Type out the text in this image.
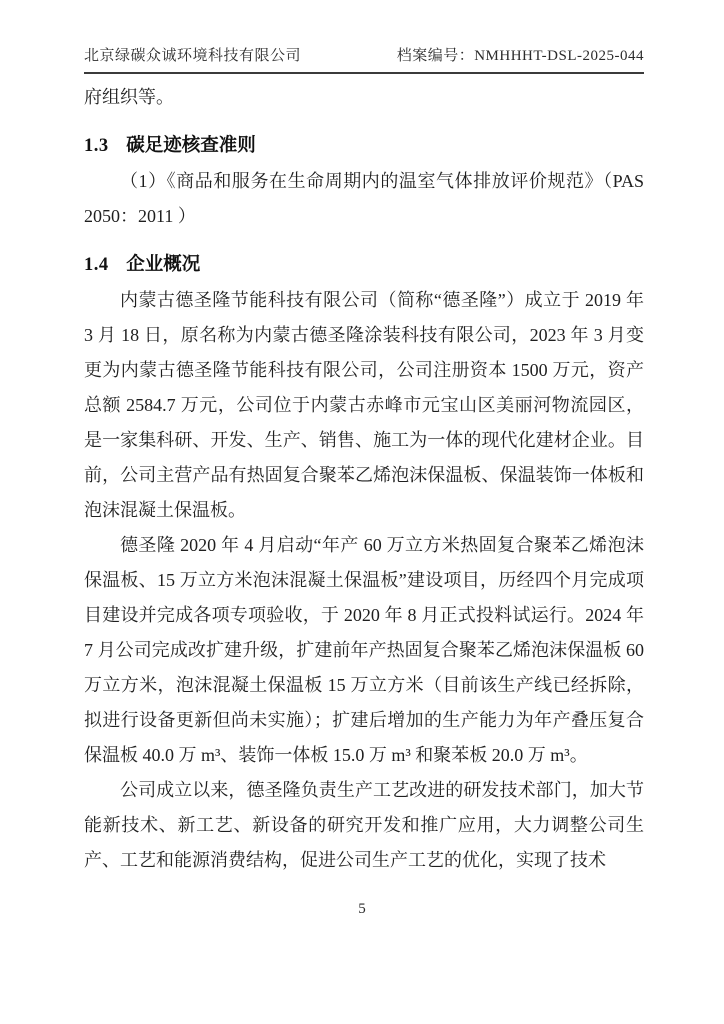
北京绿碳众诚环境科技有限公司	档案编号：NMHHHT-DSL-2025-044

府组织等。

1.3 碳足迹核查准则

（1）《商品和服务在生命周期内的温室气体排放评价规范》（PAS 2050：2011 ）

1.4 企业概况

内蒙古德圣隆节能科技有限公司（简称“德圣隆”）成立于 2019 年 3 月 18 日，原名称为内蒙古德圣隆涂装科技有限公司，2023 年 3 月变更为内蒙古德圣隆节能科技有限公司，公司注册资本 1500 万元，资产总额 2584.7 万元，公司位于内蒙古赤峰市元宝山区美丽河物流园区，是一家集科研、开发、生产、销售、施工为一体的现代化建材企业。目前，公司主营产品有热固复合聚苯乙烯泡沫保温板、保温装饰一体板和泡沫混凝土保温板。

德圣隆 2020 年 4 月启动“年产 60 万立方米热固复合聚苯乙烯泡沫保温板、15 万立方米泡沫混凝土保温板”建设项目，历经四个月完成项目建设并完成各项专项验收，于 2020 年 8 月正式投料试运行。2024 年 7 月公司完成改扩建升级，扩建前年产热固复合聚苯乙烯泡沫保温板 60 万立方米，泡沫混凝土保温板 15 万立方米（目前该生产线已经拆除，拟进行设备更新但尚未实施）；扩建后增加的生产能力为年产叠压复合保温板 40.0 万 m³、装饰一体板 15.0 万 m³ 和聚苯板 20.0 万 m³。

公司成立以来，德圣隆负责生产工艺改进的研发技术部门，加大节能新技术、新工艺、新设备的研究开发和推广应用，大力调整公司生产、工艺和能源消费结构，促进公司生产工艺的优化，实现了技术

5
